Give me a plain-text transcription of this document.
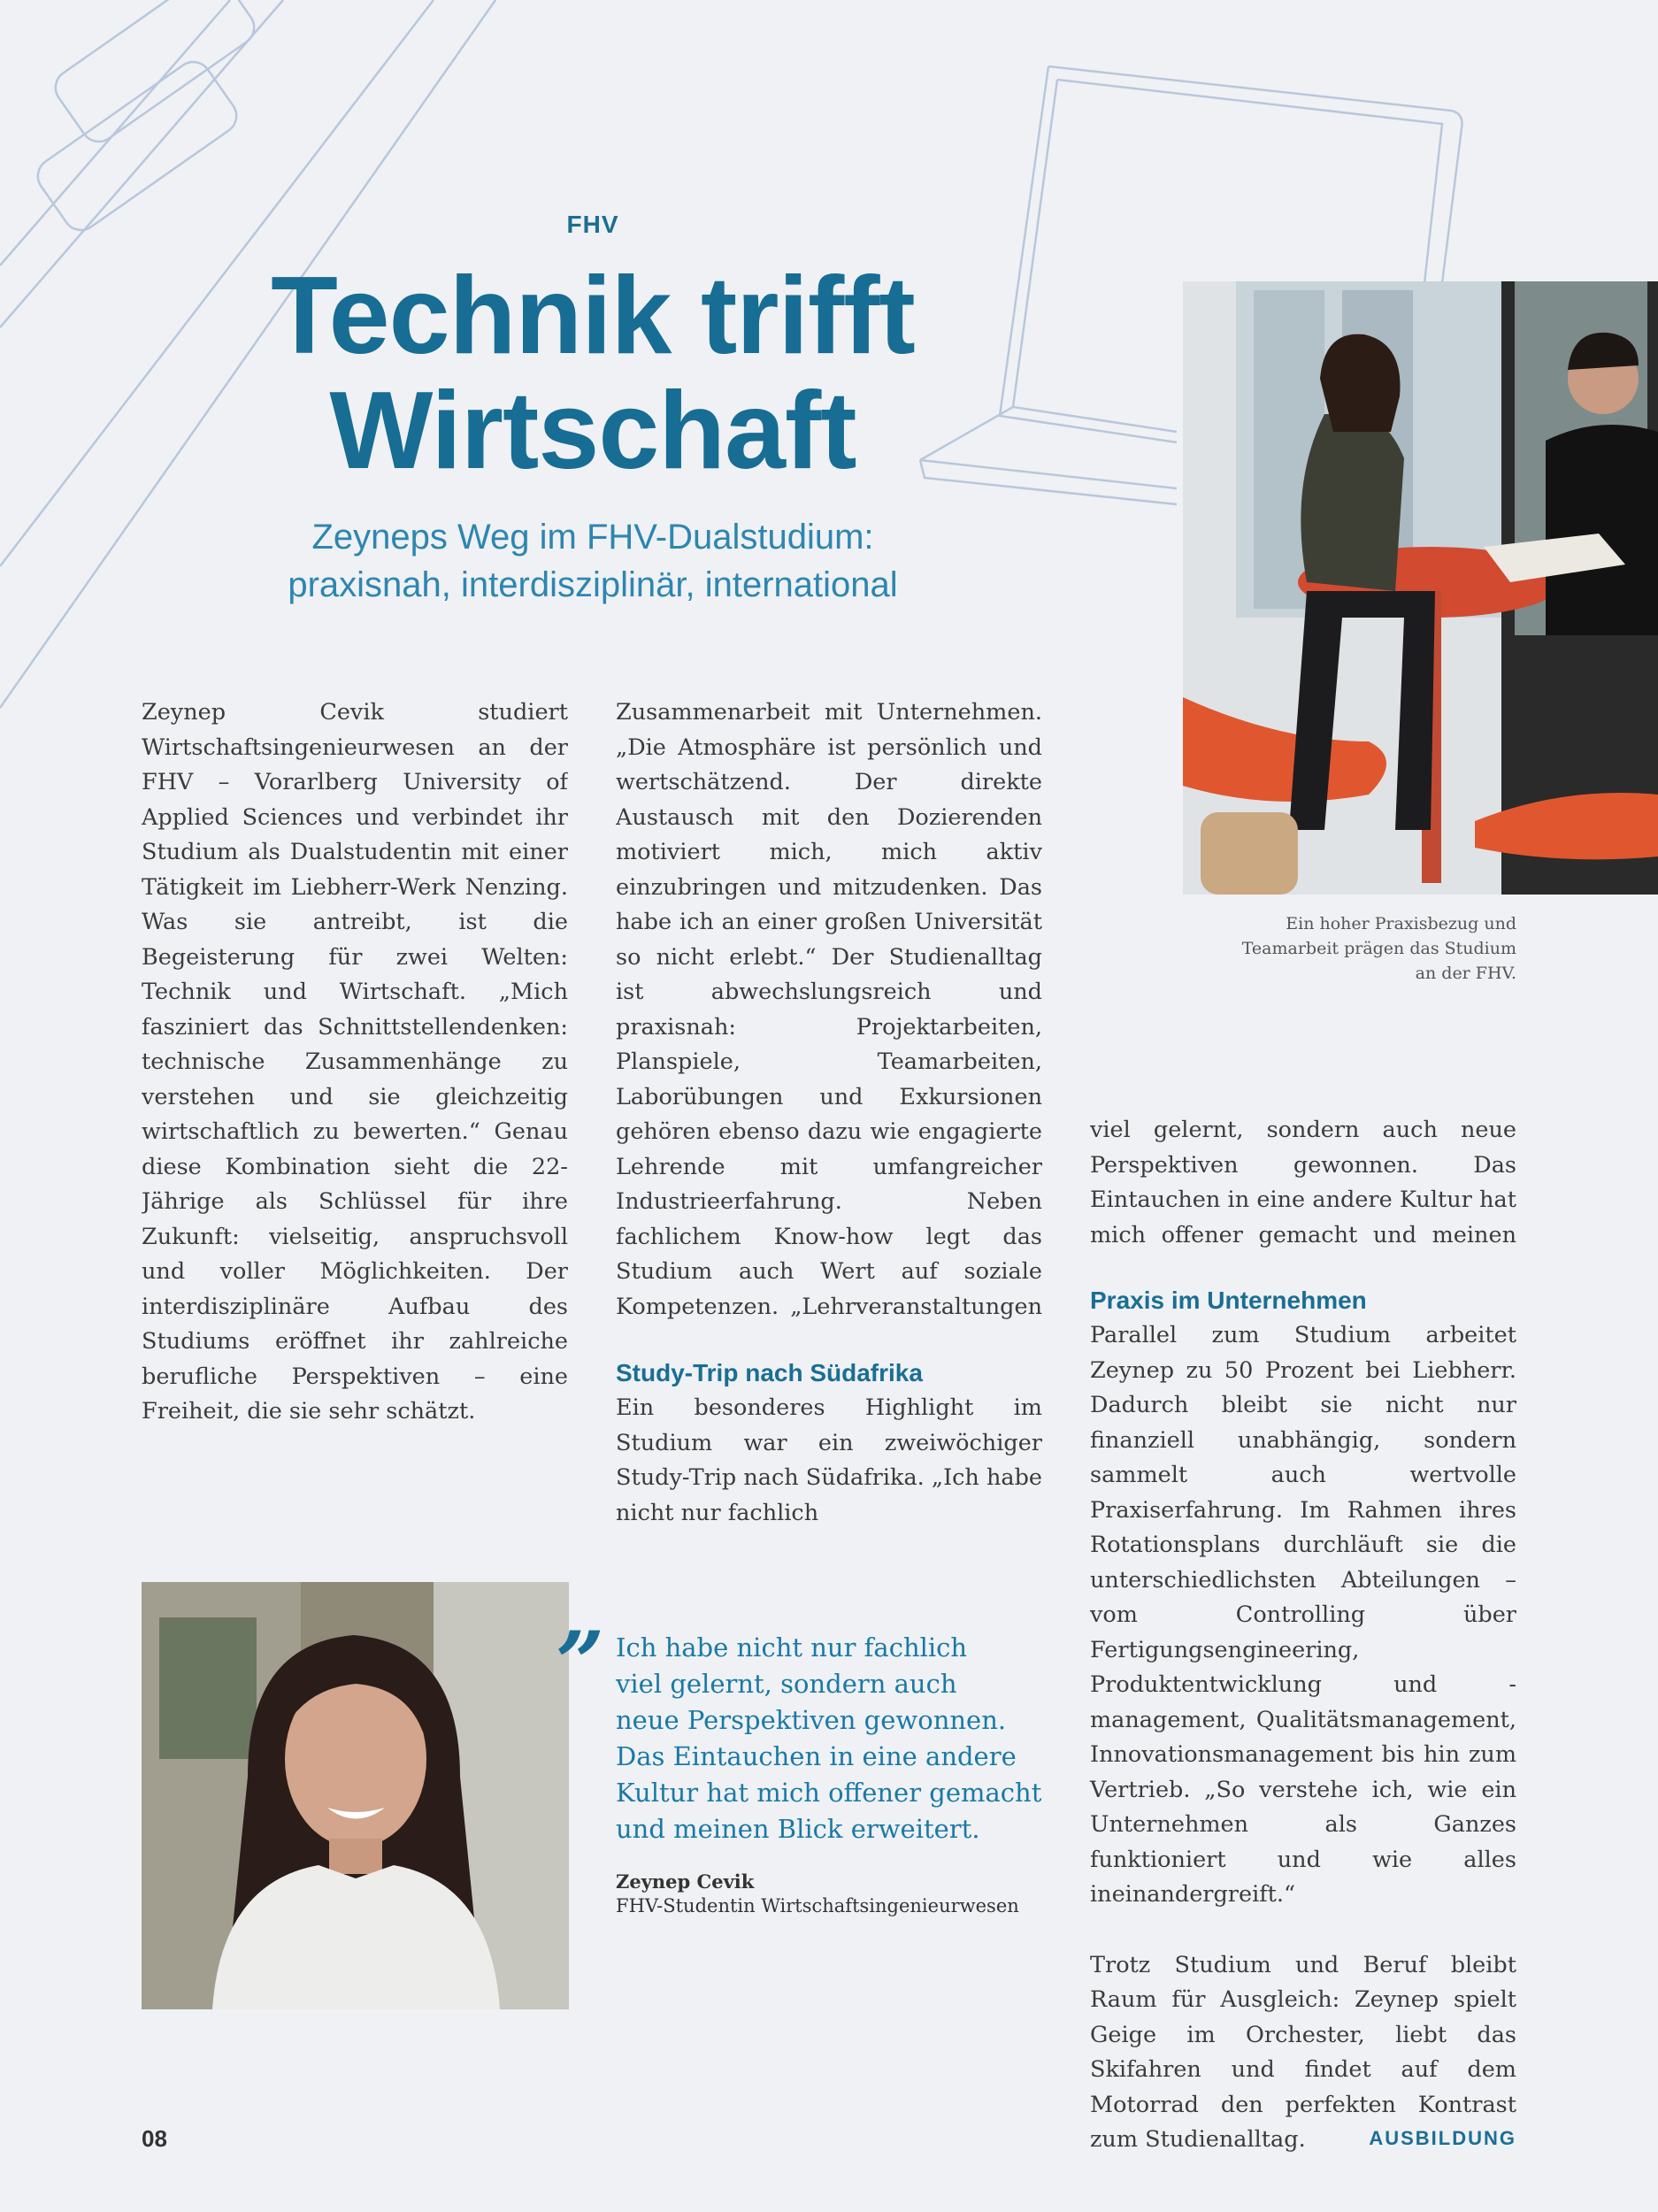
FHV
Technik trifft
Wirtschaft
Zeyneps Weg im FHV-Dualstudium:
praxisnah, interdisziplinär, international
Ein hoher Praxisbezug und
Teamarbeit prägen das Studium
an der FHV.

Zeynep Cevik studiert Wirtschaftsingenieurwesen an der FHV – Vorarlberg University of Applied Sciences und verbindet ihr Studium als Dualstudentin mit einer Tätigkeit im Liebherr-Werk Nenzing. Was sie antreibt, ist die Begeisterung für zwei Welten: Technik und Wirtschaft. „Mich fasziniert das Schnittstellendenken: technische Zusammenhänge zu verstehen und sie gleichzeitig wirtschaftlich zu bewerten.“ Genau diese Kombination sieht die 22-Jährige als Schlüssel für ihre Zukunft: vielseitig, anspruchsvoll und voller Möglichkeiten. Der interdisziplinäre Aufbau des Studiums eröffnet ihr zahlreiche berufliche Perspektiven – eine Freiheit, die sie sehr schätzt.

Zusammenarbeit mit Unternehmen. „Die Atmosphäre ist persönlich und wertschätzend. Der direkte Austausch mit den Dozierenden motiviert mich, mich aktiv einzubringen und mitzudenken. Das habe ich an einer großen Universität so nicht erlebt.“ Der Studienalltag ist abwechslungsreich und praxisnah: Projektarbeiten, Planspiele, Teamarbeiten, Laborübungen und Exkursionen gehören ebenso dazu wie engagierte Lehrende mit umfangreicher Industrieerfahrung. Neben fachlichem Know-how legt das Studium auch Wert auf soziale Kompetenzen. „Lehrveranstaltungen

Study-Trip nach Südafrika

Ein besonderes Highlight im Studium war ein zweiwöchiger Study-Trip nach Südafrika. „Ich habe nicht nur fachlich

viel gelernt, sondern auch neue Perspektiven gewonnen. Das Eintauchen in eine andere Kultur hat mich offener gemacht und meinen

Praxis im Unternehmen

Parallel zum Studium arbeitet Zeynep zu 50 Prozent bei Liebherr. Dadurch bleibt sie nicht nur finanziell unabhängig, sondern sammelt auch wertvolle Praxiserfahrung. Im Rahmen ihres Rotationsplans durchläuft sie die unterschiedlichsten Abteilungen – vom Controlling über Fertigungsengineering, Produktentwicklung und -management, Qualitätsmanagement, Innovationsmanagement bis hin zum Vertrieb. „So verstehe ich, wie ein Unternehmen als Ganzes funktioniert und wie alles ineinandergreift.“

Trotz Studium und Beruf bleibt Raum für Ausgleich: Zeynep spielt Geige im Orchester, liebt das Skifahren und findet auf dem Motorrad den perfekten Kontrast zum Studienalltag.

” Ich habe nicht nur fachlich
viel gelernt, sondern auch
neue Perspektiven gewonnen.
Das Eintauchen in eine andere
Kultur hat mich offener gemacht
und meinen Blick erweitert.
Zeynep Cevik
FHV-Studentin Wirtschaftsingenieurwesen
08	AUSBILDUNG
